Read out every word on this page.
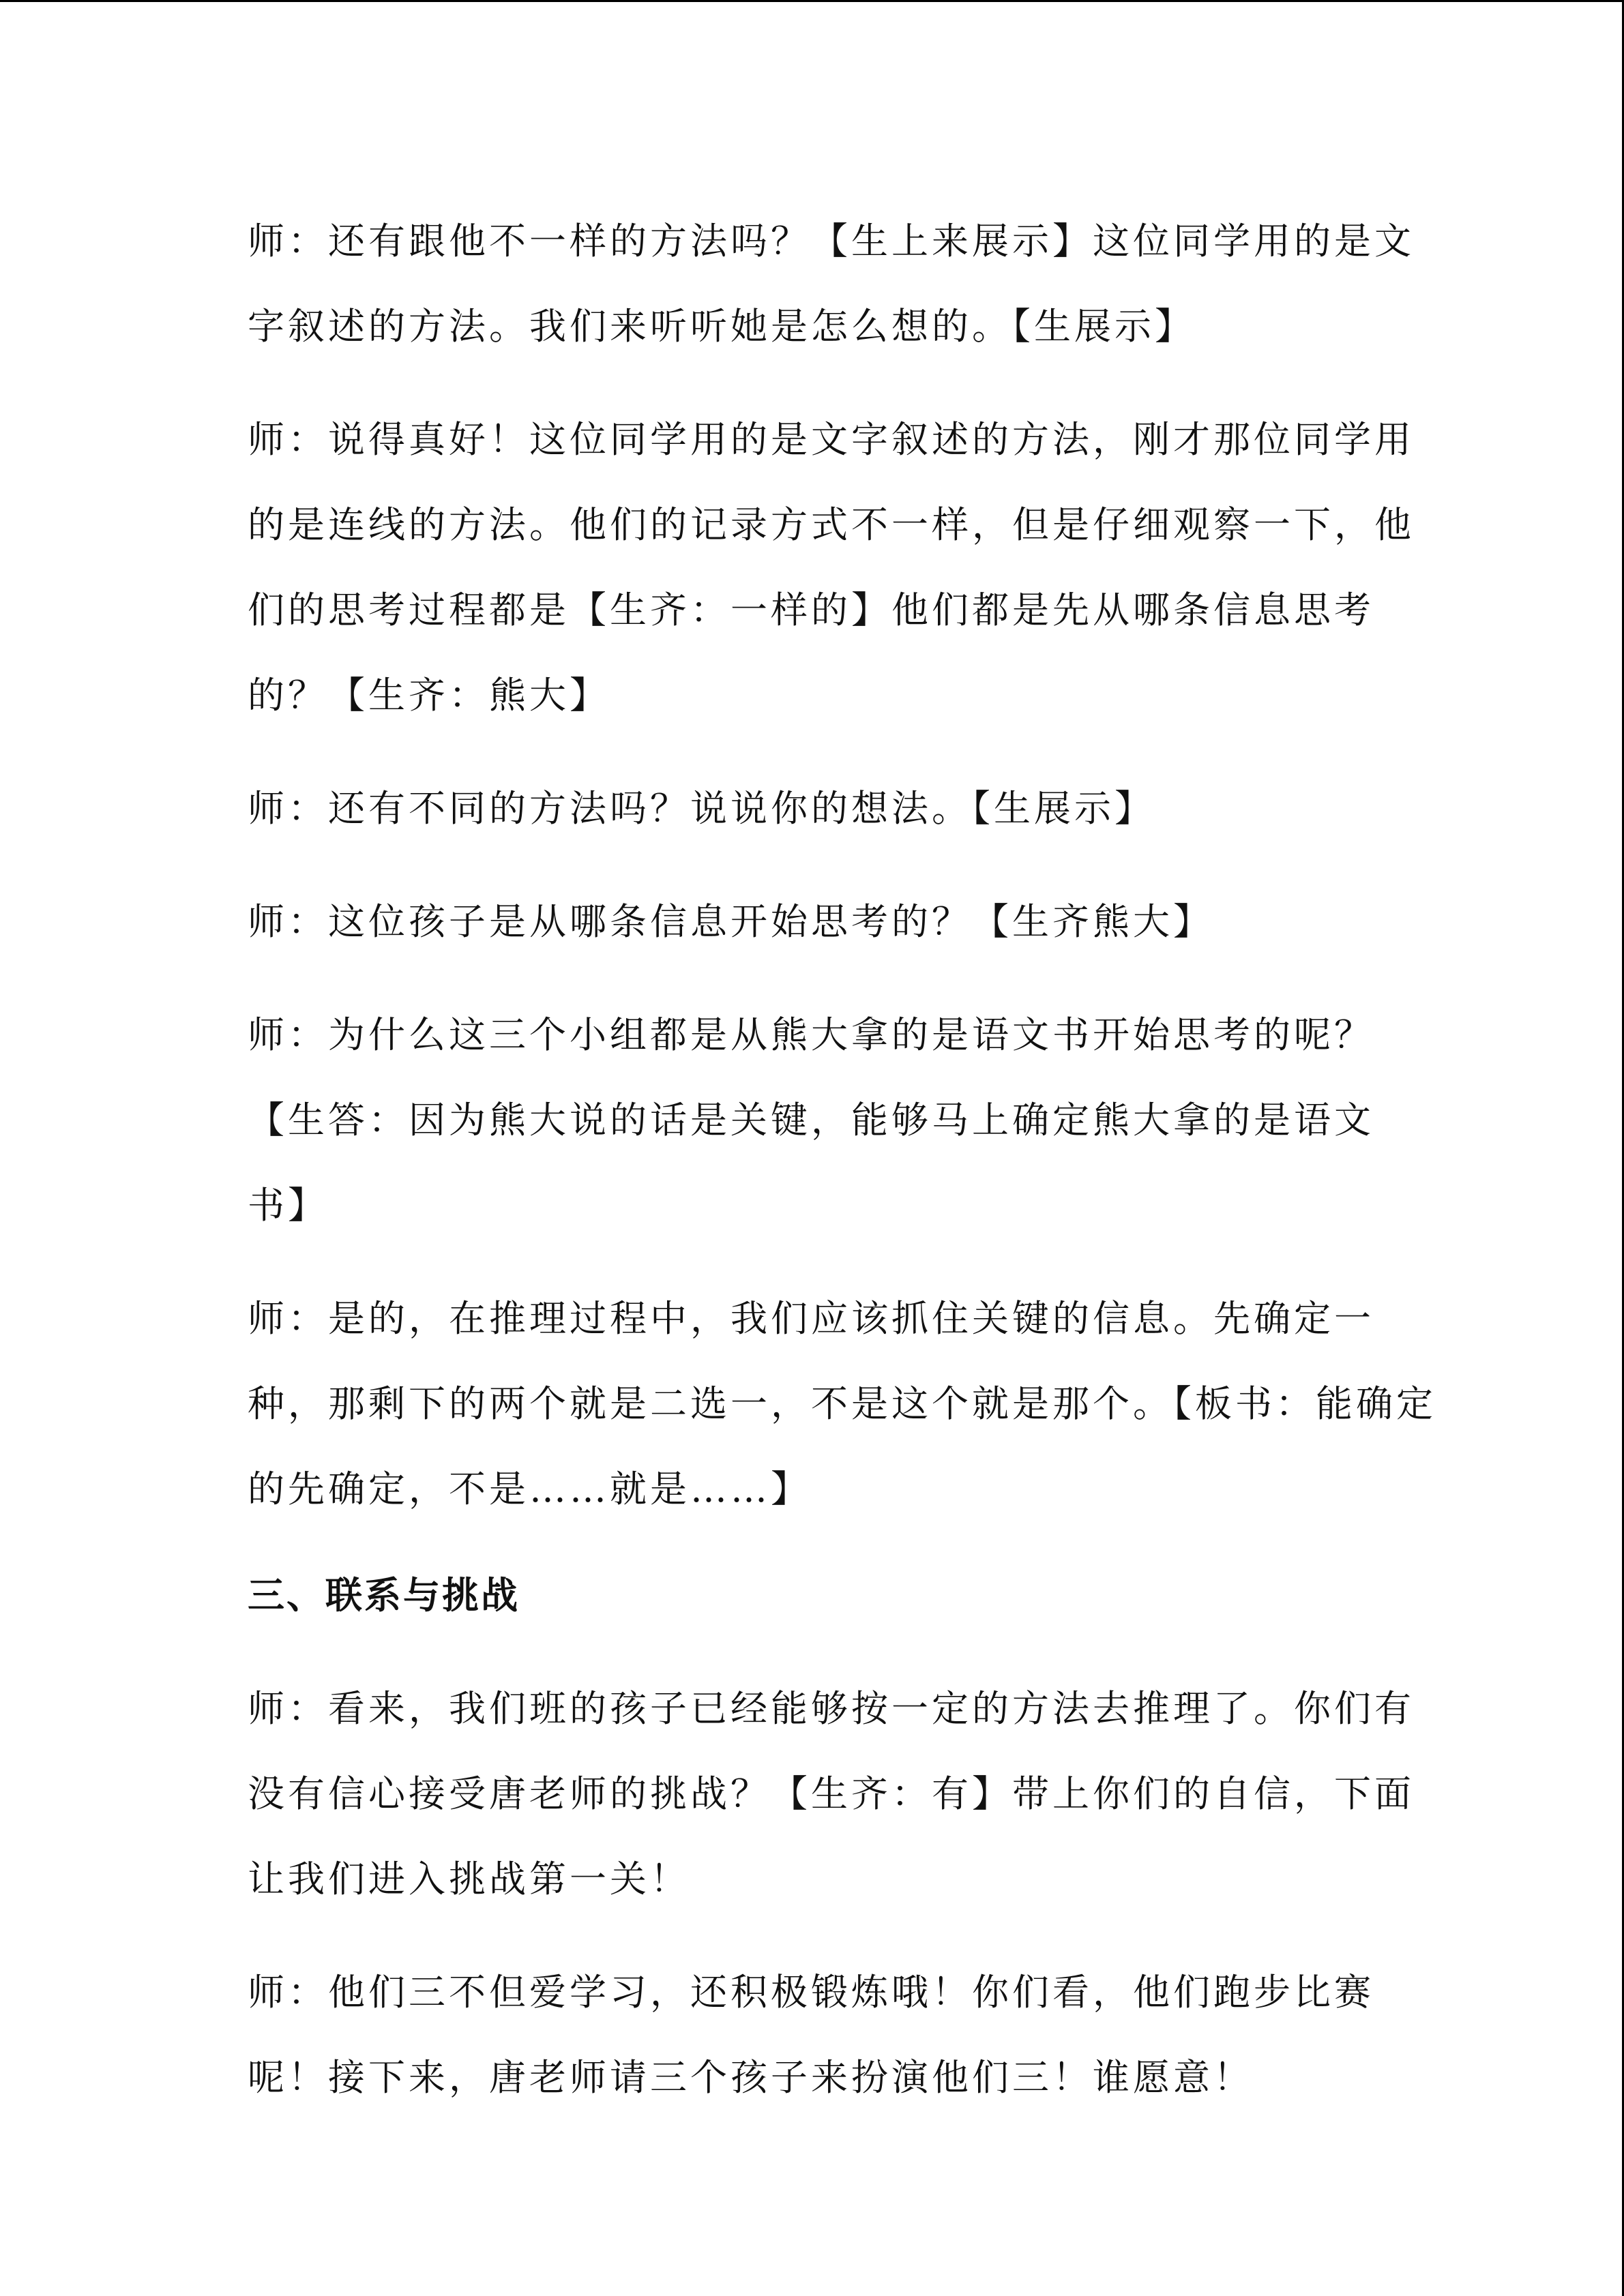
师：还有跟他不一样的方法吗？【生上来展示】这位同学用的是文
字叙述的方法。我们来听听她是怎么想的。【生展示】
师：说得真好！这位同学用的是文字叙述的方法，刚才那位同学用
的是连线的方法。他们的记录方式不一样，但是仔细观察一下，他
们的思考过程都是【生齐：一样的】他们都是先从哪条信息思考
的？【生齐：熊大】
师：还有不同的方法吗？说说你的想法。【生展示】
师：这位孩子是从哪条信息开始思考的？【生齐熊大】
师：为什么这三个小组都是从熊大拿的是语文书开始思考的呢？
【生答：因为熊大说的话是关键，能够马上确定熊大拿的是语文
书】
师：是的，在推理过程中，我们应该抓住关键的信息。先确定一
种，那剩下的两个就是二选一，不是这个就是那个。【板书：能确定
的先确定，不是……就是……】
三、联系与挑战
师：看来，我们班的孩子已经能够按一定的方法去推理了。你们有
没有信心接受唐老师的挑战？【生齐：有】带上你们的自信，下面
让我们进入挑战第一关！
师：他们三不但爱学习，还积极锻炼哦！你们看，他们跑步比赛
呢！接下来，唐老师请三个孩子来扮演他们三！谁愿意！
